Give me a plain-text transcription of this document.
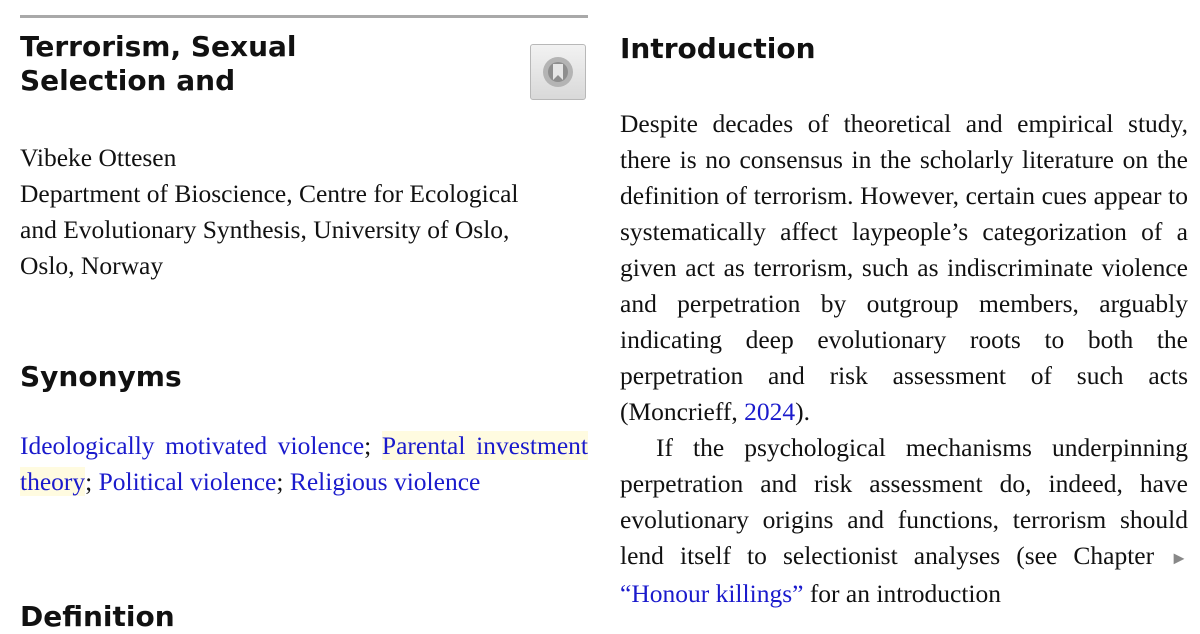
Terrorism, Sexual Selection and
Vibeke Ottesen
Department of Bioscience, Centre for Ecological
and Evolutionary Synthesis, University of Oslo,
Oslo, Norway
Synonyms
Ideologically motivated violence; Parental investment theory; Political violence; Religious violence
Definition
Introduction

Despite decades of theoretical and empirical study, there is no consensus in the scholarly literature on the definition of terrorism. However, certain cues appear to systematically affect laypeople’s categorization of a given act as terrorism, such as indiscriminate violence and perpetration by outgroup members, arguably indicating deep evolutionary roots to both the perpetration and risk assessment of such acts (Moncrieff, 2024).

If the psychological mechanisms underpinning perpetration and risk assessment do, indeed, have evolutionary origins and functions, terrorism should lend itself to selectionist analyses (see Chapter ► “Honour killings” for an introduction
